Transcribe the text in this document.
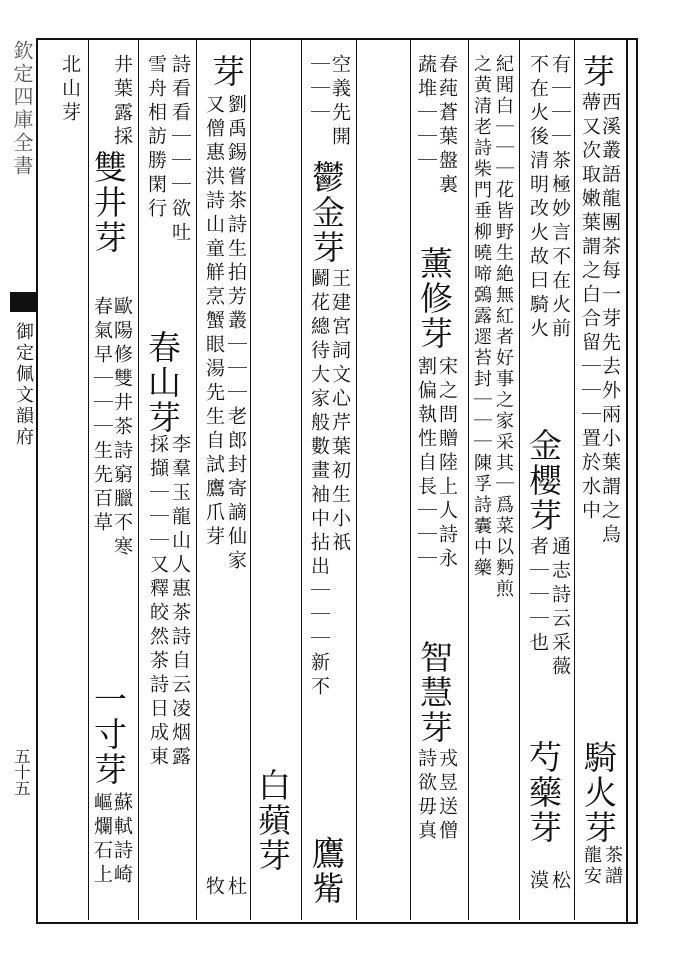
欽定四庫全書
御定佩文韻府
五十五
芽
西溪叢語龍團茶每一芽先去外兩小葉謂之烏
蔕又次取嫩葉謂之白合留｜｜｜置於水中
騎火芽
茶譜
龍安
有｜｜｜茶極妙言不在火前
不在火後清明改火故曰騎火
金櫻芽
通志詩云采薇
者｜｜｜也
芍藥芽
松
漠
紀聞白｜｜｜花皆野生絶無紅者好事之家采其｜爲菜以麪煎
之黄清老詩柴門垂柳曉啼鵶露遝苔封｜｜｜陳孚詩囊中藥
春莼蒼葉盤裏
薰修芽
宋之問贈陸上人詩永
蔬堆｜｜｜
割偏執性自長｜｜｜
智慧芽
戎昱送僧
詩欲毋真
空義先開
鬱金芽
王建宮詞文心芹葉初生小祇
｜｜｜
鬬花總待大家般數畫袖中拈出｜｜｜新不
鷹觜
芽
劉禹錫嘗茶詩生拍芳叢｜｜｜老郎封寄謫仙家
又僧惠洪詩山童觧烹蟹眼湯先生自試鷹爪芽
白蘋芽
杜
牧
詩看看｜｜｜欲吐
春山芽
李羣玉龍山人惠茶詩自云凌烟露
採擷｜｜｜又釋皎然茶詩日成東
雪舟相訪勝閑行
井葉露採
雙井芽
歐陽修雙井茶詩窮臘不寒
春氣早｜｜｜生先百草
一寸芽
蘇軾詩崎
嶇爛石上
北山芽
